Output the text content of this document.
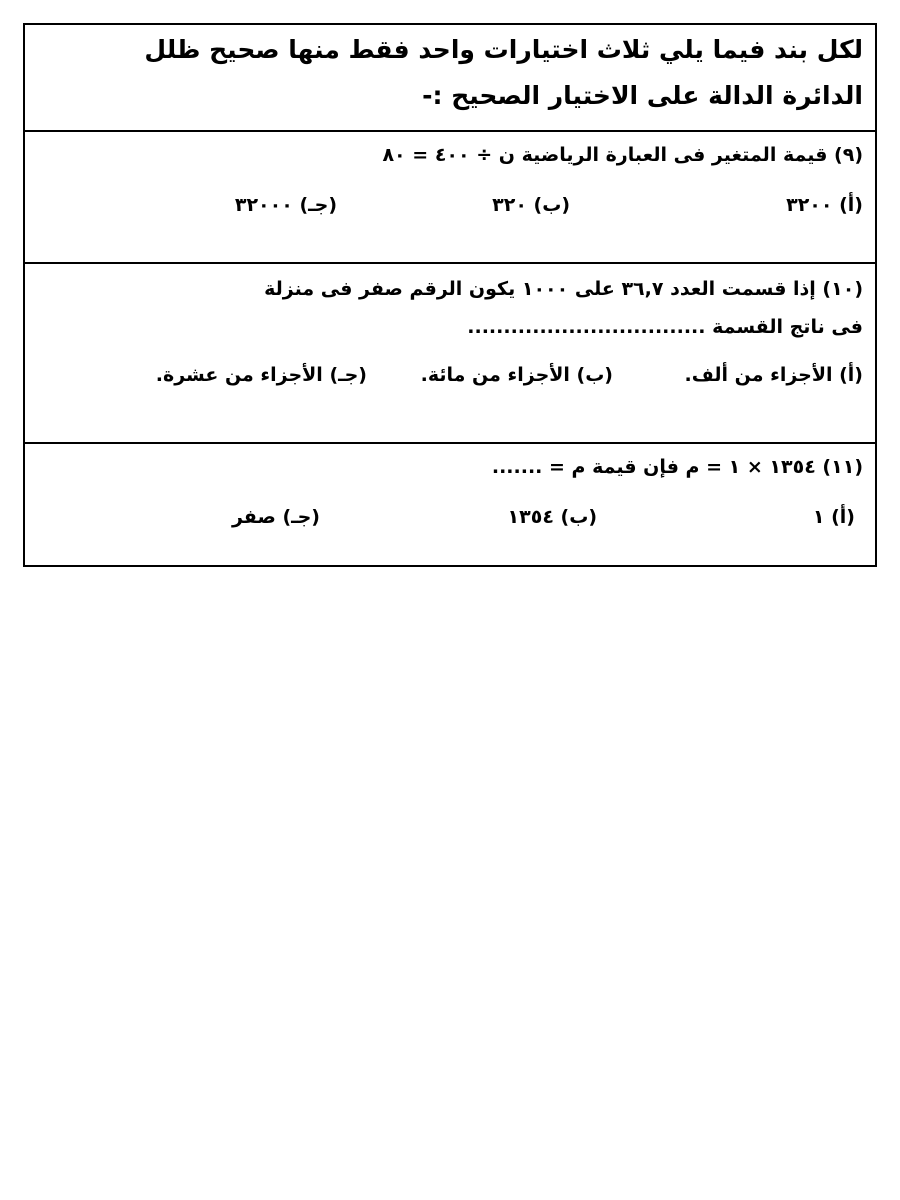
لكل بند فيما يلي ثلاث اختيارات واحد فقط منها صحيح ظلل
الدائرة الدالة على الاختيار الصحيح :-
(٩) قيمة المتغير فى العبارة الرياضية ن ÷ ٤٠٠ = ٨٠
(أ) ٣٢٠٠
(ب) ٣٢٠
(جـ) ٣٢٠٠٠
(١٠) إذا قسمت العدد ٣٦,٧ على ١٠٠٠ يكون الرقم صفر فى منزلة
فى ناتج القسمة .................................
(أ) الأجزاء من ألف.
(ب) الأجزاء من مائة.
(جـ) الأجزاء من عشرة.
(١١) ١٣٥٤ × ١ = م فإن قيمة م = .......
(أ) ١
(ب) ١٣٥٤
(جـ) صفر
